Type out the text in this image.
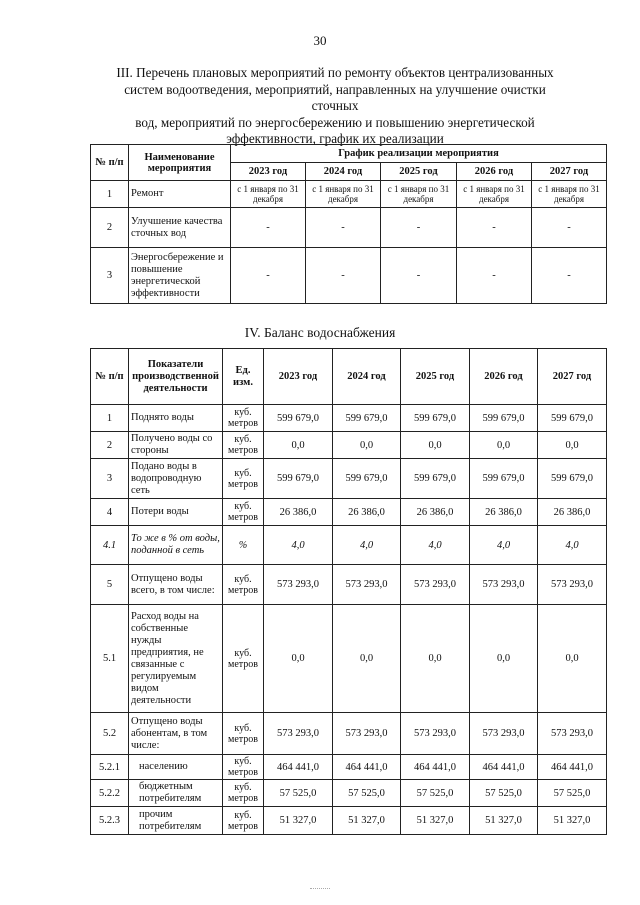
30
III. Перечень плановых мероприятий по ремонту объектов централизованных
систем водоотведения, мероприятий, направленных на улучшение очистки сточных
вод, мероприятий по энергосбережению и повышению энергетической
эффективности, график их реализации
№ п/п	Наименование мероприятия	График реализации мероприятия				
		2023 год	2024 год	2025 год	2026 год	2027 год
1	Ремонт	с 1 января по 31 декабря	с 1 января по 31 декабря	с 1 января по 31 декабря	с 1 января по 31 декабря	с 1 января по 31 декабря
2	Улучшение качества сточных вод	-	-	-	-	-
3	Энергосбережение и повышение энергетической эффективности	-	-	-	-	-
IV. Баланс водоснабжения
№ п/п	Показатели производственной деятельности	Ед. изм.	2023 год	2024 год	2025 год	2026 год	2027 год
1	Поднято воды	куб. метров	599 679,0	599 679,0	599 679,0	599 679,0	599 679,0
2	Получено воды со стороны	куб. метров	0,0	0,0	0,0	0,0	0,0
3	Подано воды в водопроводную сеть	куб. метров	599 679,0	599 679,0	599 679,0	599 679,0	599 679,0
4	Потери воды	куб. метров	26 386,0	26 386,0	26 386,0	26 386,0	26 386,0
4.1	То же в % от воды, поданной в сеть	%	4,0	4,0	4,0	4,0	4,0
5	Отпущено воды всего, в том числе:	куб. метров	573 293,0	573 293,0	573 293,0	573 293,0	573 293,0
5.1	Расход воды на собственные нужды предприятия, не связанные с регулируемым видом деятельности	куб. метров	0,0	0,0	0,0	0,0	0,0
5.2	Отпущено воды абонентам, в том числе:	куб. метров	573 293,0	573 293,0	573 293,0	573 293,0	573 293,0
5.2.1	населению	куб. метров	464 441,0	464 441,0	464 441,0	464 441,0	464 441,0
5.2.2	бюджетным потребителям	куб. метров	57 525,0	57 525,0	57 525,0	57 525,0	57 525,0
5.2.3	прочим потребителям	куб. метров	51 327,0	51 327,0	51 327,0	51 327,0	51 327,0
